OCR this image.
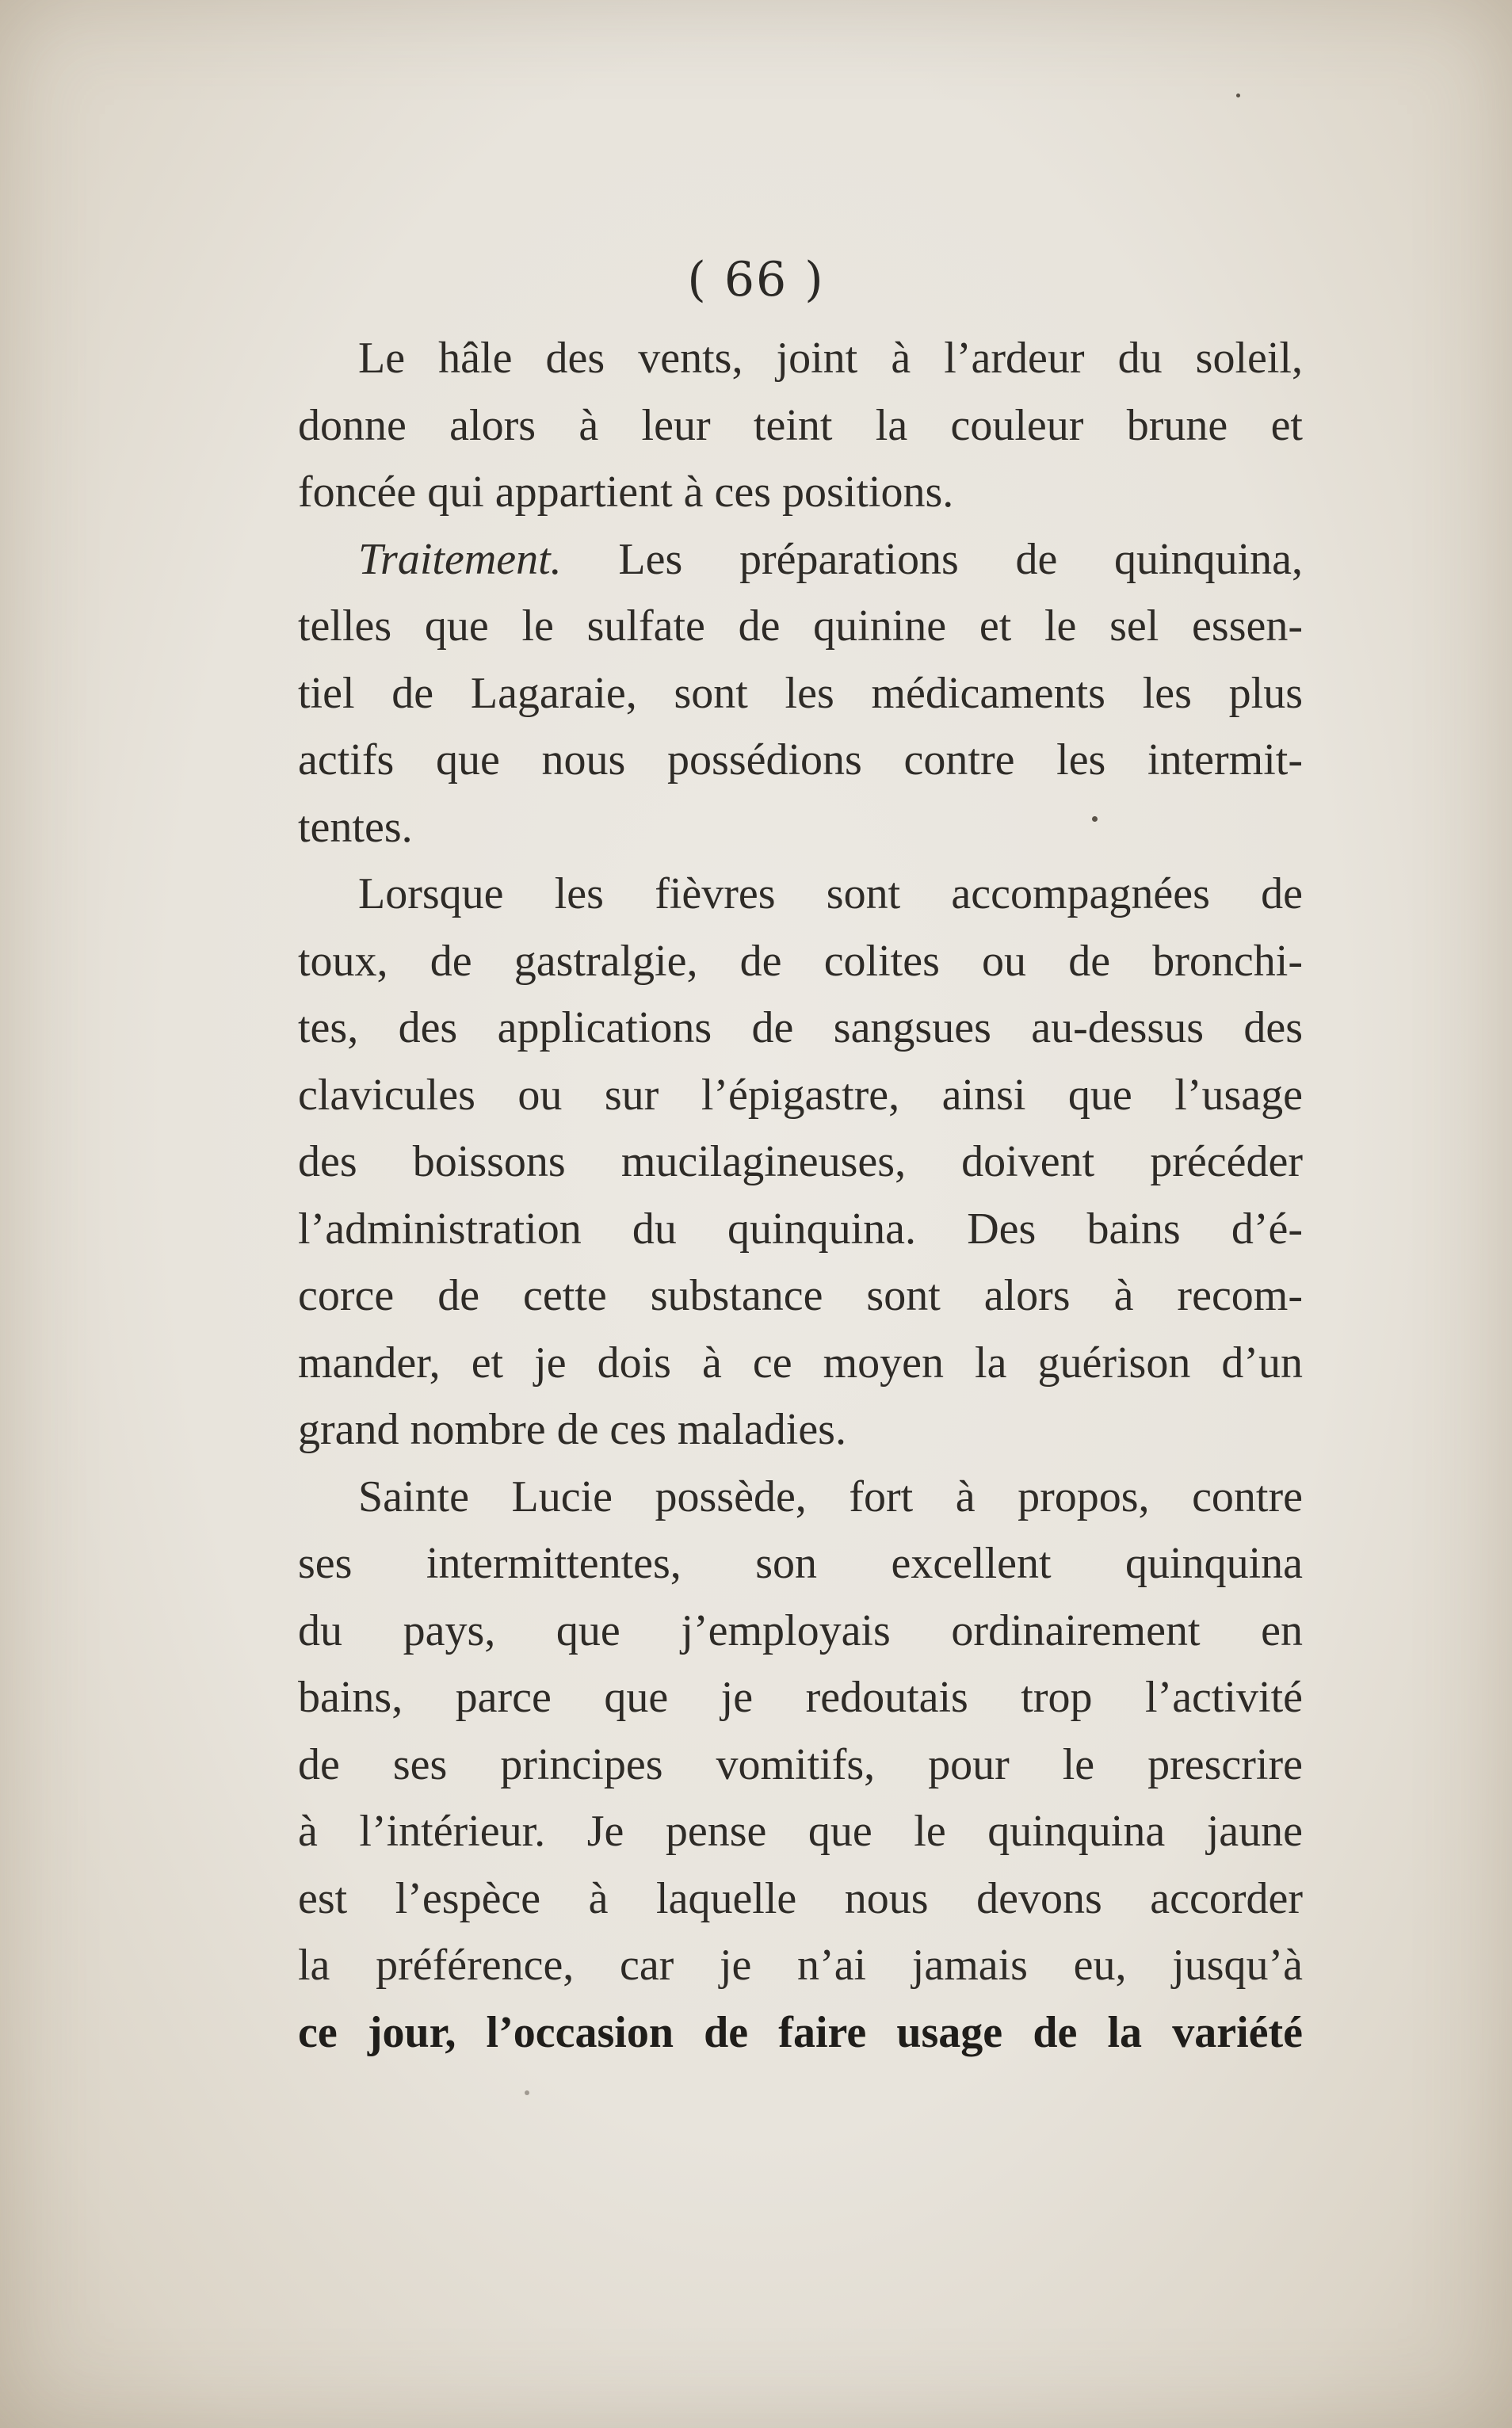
( 66 )
Le hâle des vents, joint à l’ardeur du soleil,
donne alors à leur teint la couleur brune et
foncée qui appartient à ces positions.
Traitement. Les préparations de quinquina,
telles que le sulfate de quinine et le sel essen-
tiel de Lagaraie, sont les médicaments les plus
actifs que nous possédions contre les intermit-
tentes.
Lorsque les fièvres sont accompagnées de
toux, de gastralgie, de colites ou de bronchi-
tes, des applications de sangsues au-dessus des
clavicules ou sur l’épigastre, ainsi que l’usage
des boissons mucilagineuses, doivent précéder
l’administration du quinquina. Des bains d’é-
corce de cette substance sont alors à recom-
mander, et je dois à ce moyen la guérison d’un
grand nombre de ces maladies.
Sainte Lucie possède, fort à propos, contre
ses intermittentes, son excellent quinquina
du pays, que j’employais ordinairement en
bains, parce que je redoutais trop l’activité
de ses principes vomitifs, pour le prescrire
à l’intérieur. Je pense que le quinquina jaune
est l’espèce à laquelle nous devons accorder
la préférence, car je n’ai jamais eu, jusqu’à
ce jour, l’occasion de faire usage de la variété
